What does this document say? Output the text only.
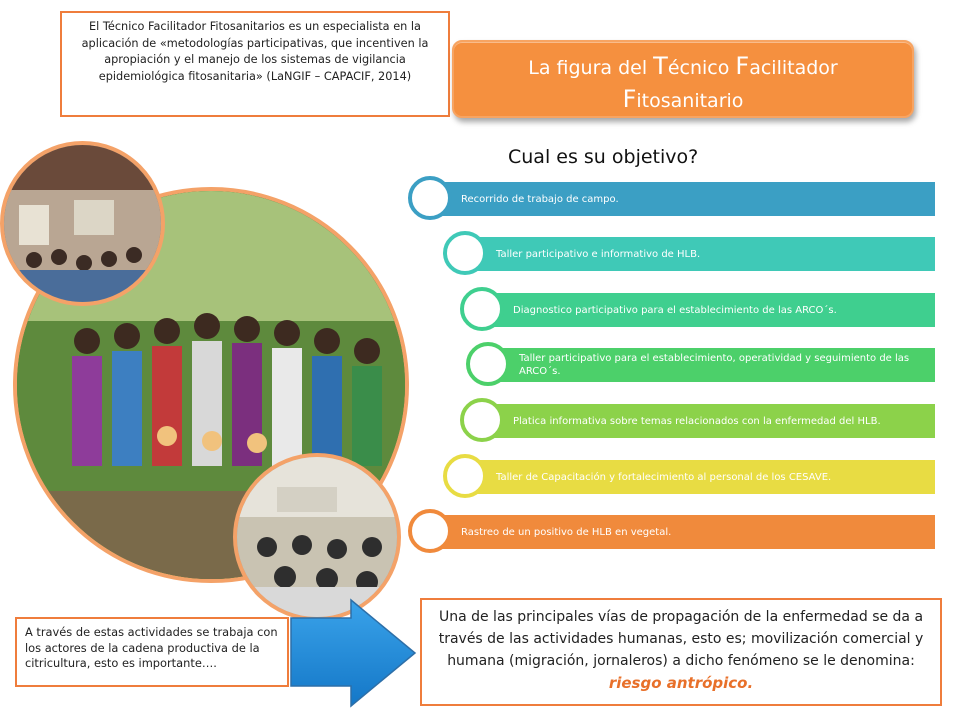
El Técnico Facilitador Fitosanitarios es un especialista en la aplicación de «metodologías participativas, que incentiven la apropiación y el manejo de los sistemas de vigilancia epidemiológica fitosanitaria» (LaNGIF – CAPACIF, 2014)	La figura del Técnico Facilitador
Fitosanitario
Cual es su objetivo?
Recorrido de trabajo de campo.
Taller participativo e informativo de HLB.
Diagnostico participativo para el establecimiento de las ARCO´s.
Taller participativo para el establecimiento, operatividad y seguimiento de las ARCO´s.
Platica informativa sobre temas relacionados con la enfermedad del HLB.
Taller de Capacitación y fortalecimiento al personal de los CESAVE.
Rastreo de un positivo de HLB en vegetal.
A través de estas actividades se trabaja con los actores de la cadena productiva de la citricultura, esto es importante….
Una de las principales vías de propagación de la enfermedad se da a través de las actividades humanas, esto es; movilización comercial y humana (migración, jornaleros) a dicho fenómeno se le denomina: riesgo antrópico.
